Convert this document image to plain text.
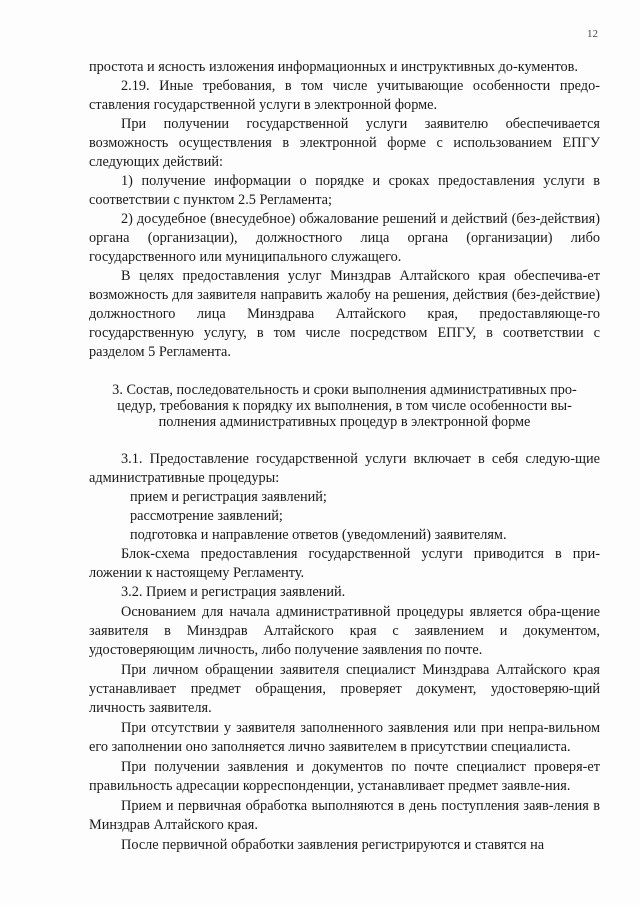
12

простота и ясность изложения информационных и инструктивных до-кументов.

2.19. Иные требования, в том числе учитывающие особенности предо-ставления государственной услуги в электронной форме.

При получении государственной услуги заявителю обеспечивается возможность осуществления в электронной форме с использованием ЕПГУ следующих действий:

1) получение информации о порядке и сроках предоставления услуги в соответствии с пунктом 2.5 Регламента;

2) досудебное (внесудебное) обжалование решений и действий (без-действия) органа (организации), должностного лица органа (организации) либо государственного или муниципального служащего.

В целях предоставления услуг Минздрав Алтайского края обеспечива-ет возможность для заявителя направить жалобу на решения, действия (без-действие) должностного лица Минздрава Алтайского края, предоставляюще-го государственную услугу, в том числе посредством ЕПГУ, в соответствии с разделом 5 Регламента.

3. Состав, последовательность и сроки выполнения административных про-
цедур, требования к порядку их выполнения, в том числе особенности вы-
полнения административных процедур в электронной форме

3.1. Предоставление государственной услуги включает в себя следую-щие административные процедуры:

прием и регистрация заявлений;

рассмотрение заявлений;

подготовка и направление ответов (уведомлений) заявителям.

Блок-схема предоставления государственной услуги приводится в при-ложении к настоящему Регламенту.

3.2. Прием и регистрация заявлений.

Основанием для начала административной процедуры является обра-щение заявителя в Минздрав Алтайского края с заявлением и документом, удостоверяющим личность, либо получение заявления по почте.

При личном обращении заявителя специалист Минздрава Алтайского края устанавливает предмет обращения, проверяет документ, удостоверяю-щий личность заявителя.

При отсутствии у заявителя заполненного заявления или при непра-вильном его заполнении оно заполняется лично заявителем в присутствии специалиста.

При получении заявления и документов по почте специалист проверя-ет правильность адресации корреспонденции, устанавливает предмет заявле-ния.

Прием и первичная обработка выполняются в день поступления заяв-ления в Минздрав Алтайского края.

После первичной обработки заявления регистрируются и ставятся на
